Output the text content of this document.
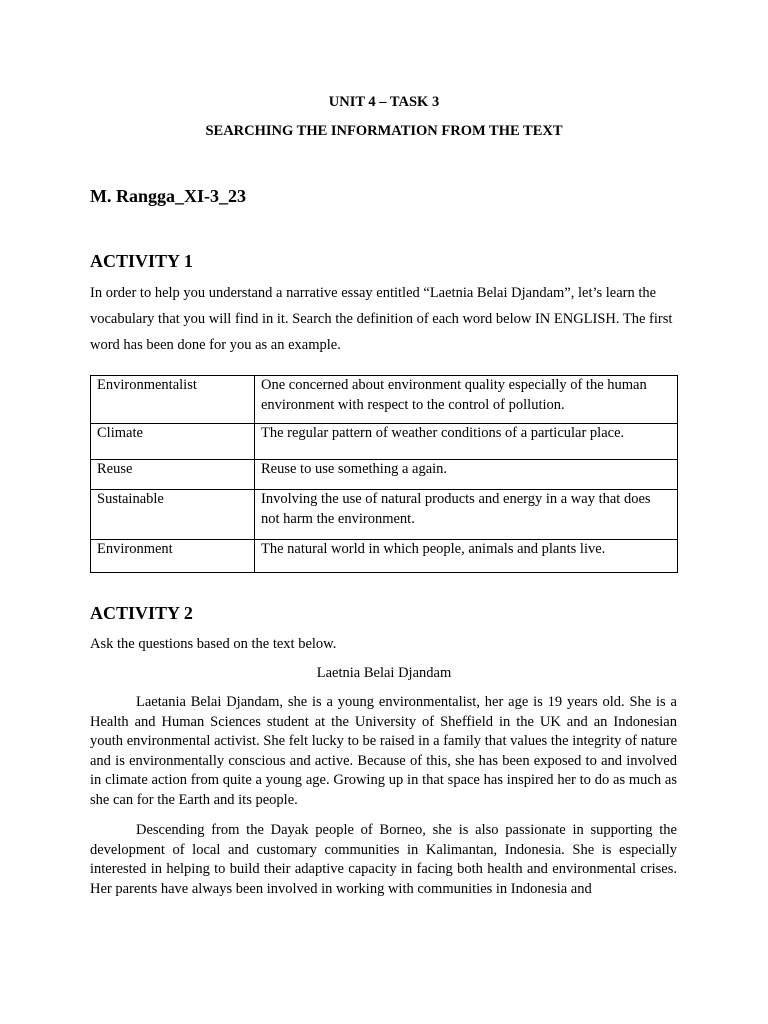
UNIT 4 – TASK 3
SEARCHING THE INFORMATION FROM THE TEXT
M. Rangga_XI-3_23
ACTIVITY 1

In order to help you understand a narrative essay entitled “Laetnia Belai Djandam”, let’s learn the vocabulary that you will find in it. Search the definition of each word below IN ENGLISH. The first word has been done for you as an example.

Environmentalist	One concerned about environment quality especially of the human environment with respect to the control of pollution.
Climate	The regular pattern of weather conditions of a particular place.
Reuse	Reuse to use something a again.
Sustainable	Involving the use of natural products and energy in a way that does not harm the environment.
Environment	The natural world in which people, animals and plants live.
ACTIVITY 2
Ask the questions based on the text below.
Laetnia Belai Djandam

Laetania Belai Djandam, she is a young environmentalist, her age is 19 years old. She is a Health and Human Sciences student at the University of Sheffield in the UK and an Indonesian youth environmental activist. She felt lucky to be raised in a family that values the integrity of nature and is environmentally conscious and active. Because of this, she has been exposed to and involved in climate action from quite a young age. Growing up in that space has inspired her to do as much as she can for the Earth and its people.

Descending from the Dayak people of Borneo, she is also passionate in supporting the development of local and customary communities in Kalimantan, Indonesia. She is especially interested in helping to build their adaptive capacity in facing both health and environmental crises. Her parents have always been involved in working with communities in Indonesia and
